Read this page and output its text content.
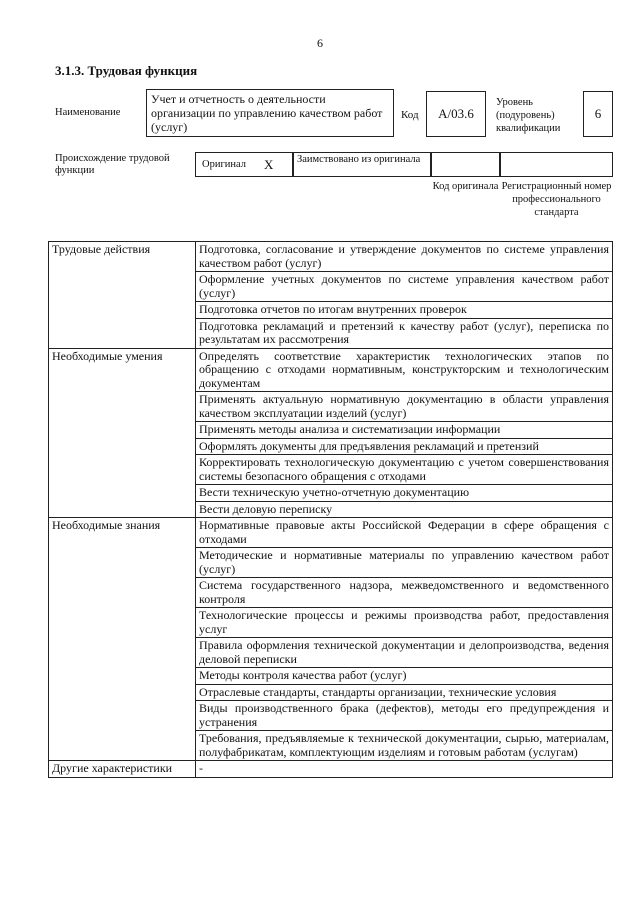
6
3.1.3. Трудовая функция
Наименование
Учет и отчетность о деятельности организации по управлению качеством работ (услуг)
Код	A/03.6
Уровень (подуровень) квалификации
6
Происхождение трудовой функции
Оригинал X	Заимствовано из оригинала
Код оригинала Регистрационный номер профессионального стандарта
Трудовые действия	Подготовка, согласование и утверждение документов по системе управления качеством работ (услуг)
	Оформление учетных документов по системе управления качеством работ (услуг)
	Подготовка отчетов по итогам внутренних проверок
	Подготовка рекламаций и претензий к качеству работ (услуг), переписка по результатам их рассмотрения
Необходимые умения	Определять соответствие характеристик технологических этапов по обращению с отходами нормативным, конструкторским и технологическим документам
	Применять актуальную нормативную документацию в области управления качеством эксплуатации изделий (услуг)
	Применять методы анализа и систематизации информации
	Оформлять документы для предъявления рекламаций и претензий
	Корректировать технологическую документацию с учетом совершенствования системы безопасного обращения с отходами
	Вести техническую учетно-отчетную документацию
	Вести деловую переписку
Необходимые знания	Нормативные правовые акты Российской Федерации в сфере обращения с отходами
	Методические и нормативные материалы по управлению качеством работ (услуг)
	Система государственного надзора, межведомственного и ведомственного контроля
	Технологические процессы и режимы производства работ, предоставления услуг
	Правила оформления технической документации и делопроизводства, ведения деловой переписки
	Методы контроля качества работ (услуг)
	Отраслевые стандарты, стандарты организации, технические условия
	Виды производственного брака (дефектов), методы его предупреждения и устранения
	Требования, предъявляемые к технической документации, сырью, материалам, полуфабрикатам, комплектующим изделиям и готовым работам (услугам)
Другие характеристики	-
